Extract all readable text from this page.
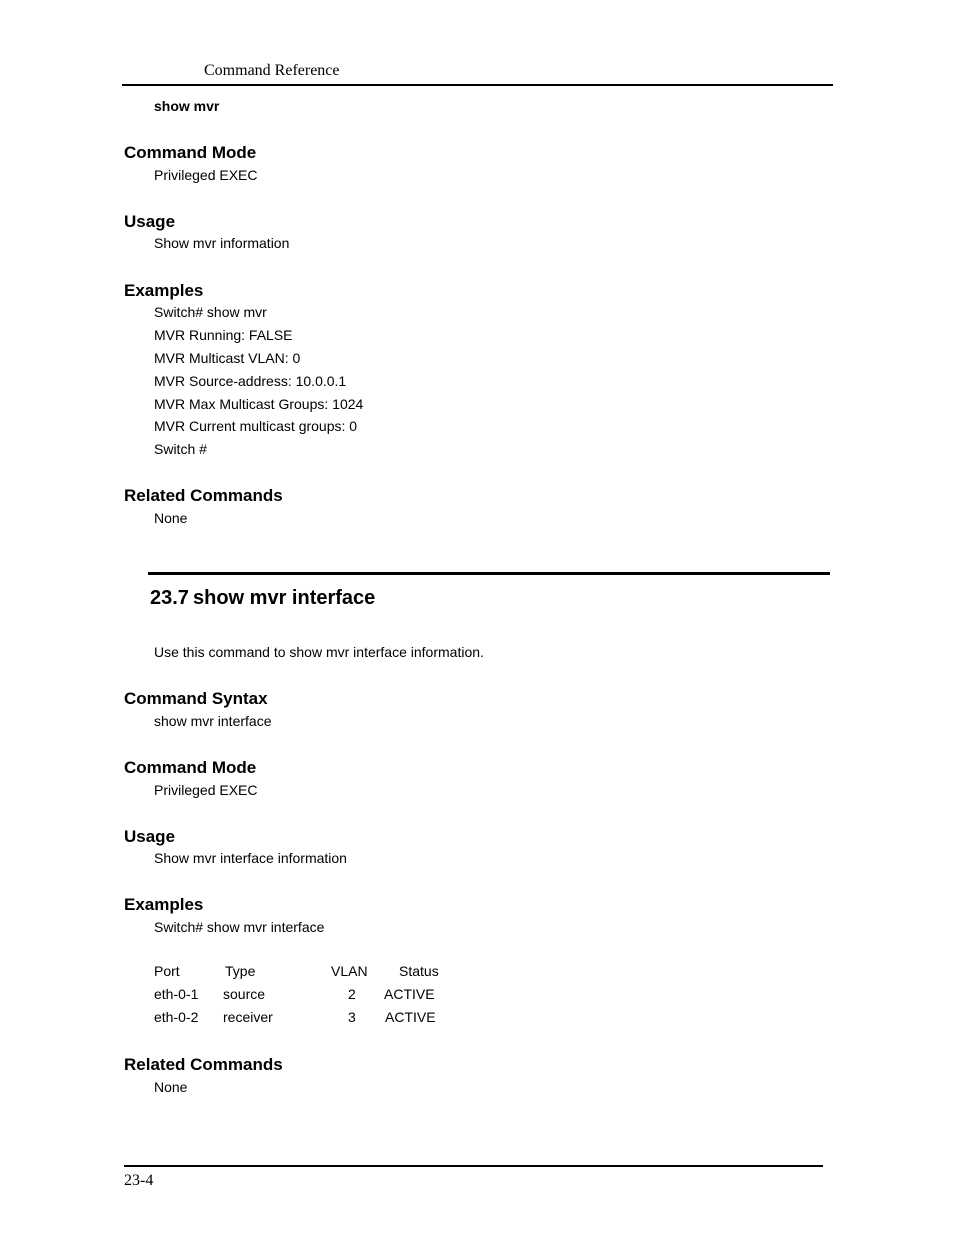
Command Reference
show mvr
Command Mode
Privileged EXEC
Usage
Show mvr information
Examples
Switch# show mvr
MVR Running: FALSE
MVR Multicast VLAN: 0
MVR Source-address: 10.0.0.1
MVR Max Multicast Groups: 1024
MVR Current multicast groups: 0
Switch #
Related Commands
None
23.7 show mvr interface
Use this command to show mvr interface information.
Command Syntax
show mvr interface
Command Mode
Privileged EXEC
Usage
Show mvr interface information
Examples
Switch# show mvr interface
Port	Type	VLAN Status
eth-0-1 source	2 ACTIVE
eth-0-2 receiver	3 ACTIVE
Related Commands
None
23-4
